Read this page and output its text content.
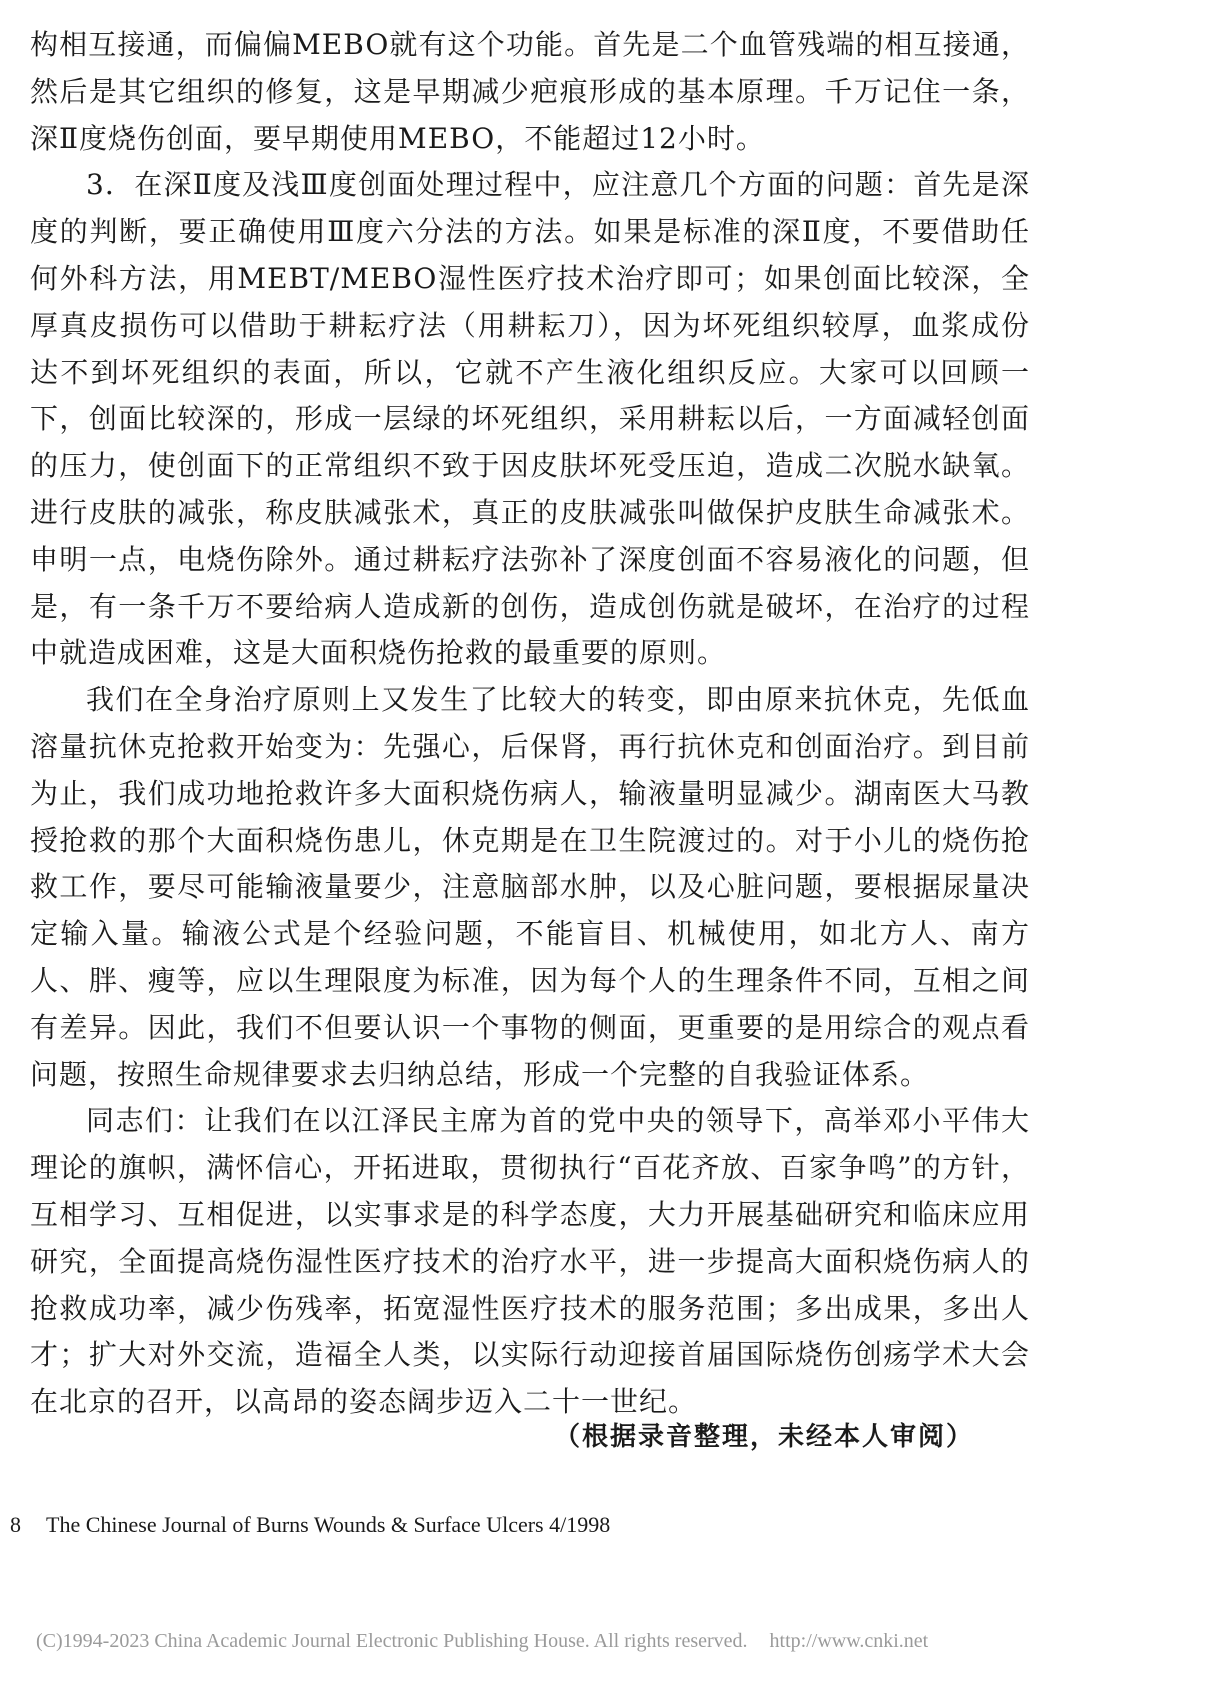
构相互接通，而偏偏MEBO就有这个功能。首先是二个血管残端的相互接通，然后是其它组织的修复，这是早期减少疤痕形成的基本原理。千万记住一条，深Ⅱ度烧伤创面，要早期使用MEBO，不能超过12小时。

3．在深Ⅱ度及浅Ⅲ度创面处理过程中，应注意几个方面的问题：首先是深度的判断，要正确使用Ⅲ度六分法的方法。如果是标准的深Ⅱ度，不要借助任何外科方法，用MEBT/MEBO湿性医疗技术治疗即可；如果创面比较深，全厚真皮损伤可以借助于耕耘疗法（用耕耘刀），因为坏死组织较厚，血浆成份达不到坏死组织的表面，所以，它就不产生液化组织反应。大家可以回顾一下，创面比较深的，形成一层绿的坏死组织，采用耕耘以后，一方面减轻创面的压力，使创面下的正常组织不致于因皮肤坏死受压迫，造成二次脱水缺氧。进行皮肤的减张，称皮肤减张术，真正的皮肤减张叫做保护皮肤生命减张术。申明一点，电烧伤除外。通过耕耘疗法弥补了深度创面不容易液化的问题，但是，有一条千万不要给病人造成新的创伤，造成创伤就是破坏，在治疗的过程中就造成困难，这是大面积烧伤抢救的最重要的原则。

我们在全身治疗原则上又发生了比较大的转变，即由原来抗休克，先低血溶量抗休克抢救开始变为：先强心，后保肾，再行抗休克和创面治疗。到目前为止，我们成功地抢救许多大面积烧伤病人，输液量明显减少。湖南医大马教授抢救的那个大面积烧伤患儿，休克期是在卫生院渡过的。对于小儿的烧伤抢救工作，要尽可能输液量要少，注意脑部水肿，以及心脏问题，要根据尿量决定输入量。输液公式是个经验问题，不能盲目、机械使用，如北方人、南方人、胖、瘦等，应以生理限度为标准，因为每个人的生理条件不同，互相之间有差异。因此，我们不但要认识一个事物的侧面，更重要的是用综合的观点看问题，按照生命规律要求去归纳总结，形成一个完整的自我验证体系。

同志们：让我们在以江泽民主席为首的党中央的领导下，高举邓小平伟大理论的旗帜，满怀信心，开拓进取，贯彻执行“百花齐放、百家争鸣”的方针，互相学习、互相促进，以实事求是的科学态度，大力开展基础研究和临床应用研究，全面提高烧伤湿性医疗技术的治疗水平，进一步提高大面积烧伤病人的抢救成功率，减少伤残率，拓宽湿性医疗技术的服务范围；多出成果，多出人才；扩大对外交流，造福全人类，以实际行动迎接首届国际烧伤创疡学术大会在北京的召开，以高昂的姿态阔步迈入二十一世纪。

（根据录音整理，未经本人审阅）
8 The Chinese Journal of Burns Wounds & Surface Ulcers 4/1998
(C)1994-2023 China Academic Journal Electronic Publishing House. All rights reserved. http://www.cnki.net
